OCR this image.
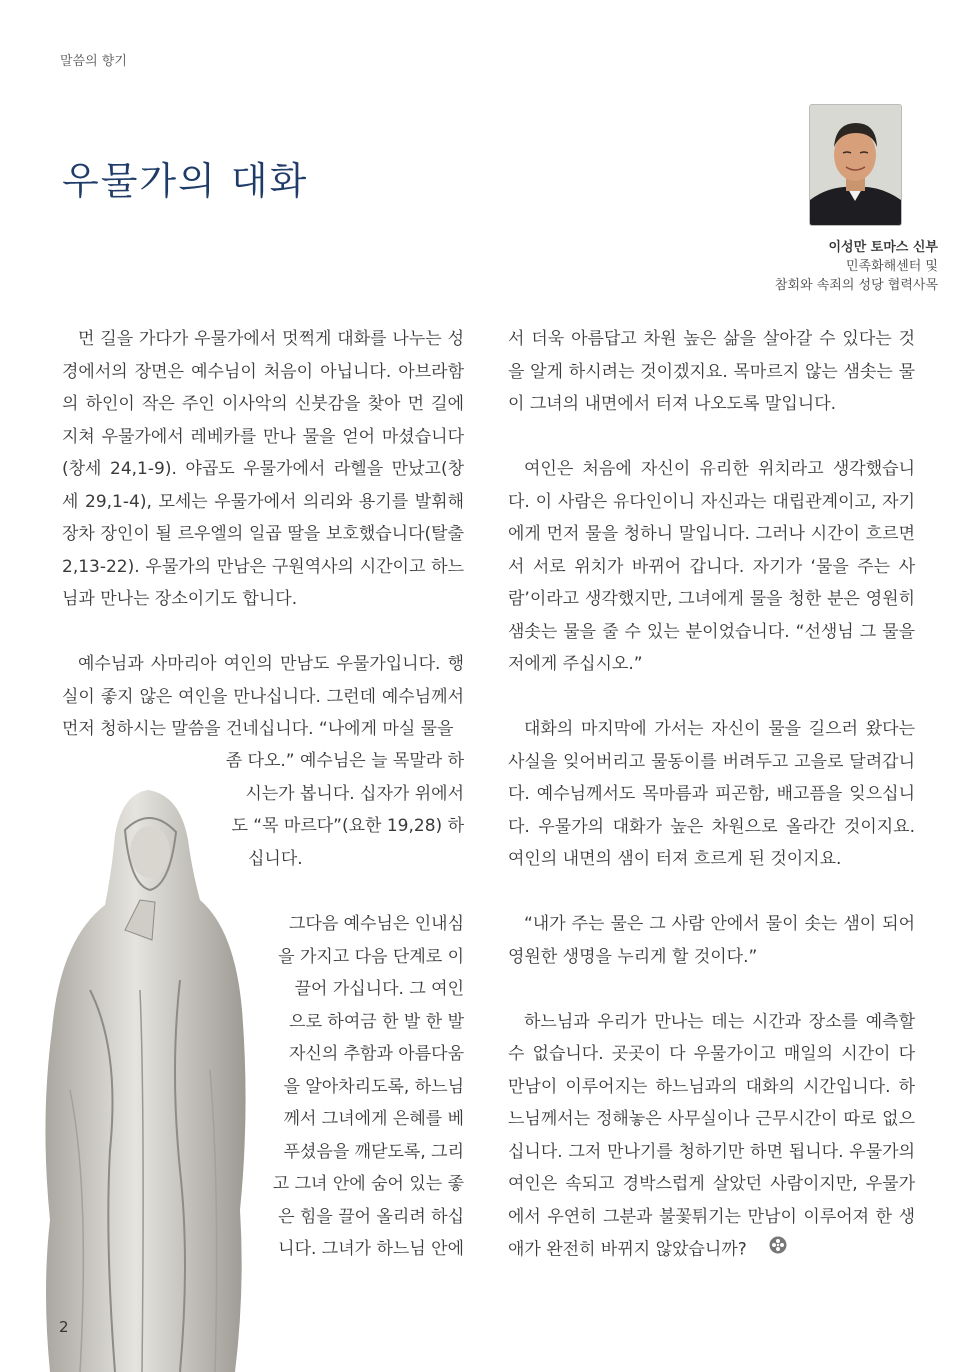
말씀의 향기
우물가의 대화
이성만 토마스 신부
민족화해센터 및
참회와 속죄의 성당 협력사목

먼 길을 가다가 우물가에서 멋쩍게 대화를 나누는 성경에서의 장면은 예수님이 처음이 아닙니다. 아브라함의 하인이 작은 주인 이사악의 신붓감을 찾아 먼 길에 지쳐 우물가에서 레베카를 만나 물을 얻어 마셨습니다(창세 24,1-9). 야곱도 우물가에서 라헬을 만났고(창세 29,1-4), 모세는 우물가에서 의리와 용기를 발휘해 장차 장인이 될 르우엘의 일곱 딸을 보호했습니다(탈출 2,13-22). 우물가의 만남은 구원역사의 시간이고 하느님과 만나는 장소이기도 합니다.

예수님과 사마리아 여인의 만남도 우물가입니다. 행실이 좋지 않은 여인을 만나십니다. 그런데 예수님께서 먼저 청하시는 말씀을 건네십니다. “나에게 마실 물을

좀 다오.” 예수님은 늘 목말라 하
시는가 봅니다. 십자가 위에서
도 “목 마르다”(요한 19,28) 하
십니다.
그다음 예수님은 인내심
을 가지고 다음 단계로 이
끌어 가십니다. 그 여인
으로 하여금 한 발 한 발
자신의 추함과 아름다움
을 알아차리도록, 하느님
께서 그녀에게 은혜를 베
푸셨음을 깨닫도록, 그리
고 그녀 안에 숨어 있는 좋
은 힘을 끌어 올리려 하십
니다. 그녀가 하느님 안에

서 더욱 아름답고 차원 높은 삶을 살아갈 수 있다는 것을 알게 하시려는 것이겠지요. 목마르지 않는 샘솟는 물이 그녀의 내면에서 터져 나오도록 말입니다.

여인은 처음에 자신이 유리한 위치라고 생각했습니다. 이 사람은 유다인이니 자신과는 대립관계이고, 자기에게 먼저 물을 청하니 말입니다. 그러나 시간이 흐르면서 서로 위치가 바뀌어 갑니다. 자기가 ‘물을 주는 사람’이라고 생각했지만, 그녀에게 물을 청한 분은 영원히 샘솟는 물을 줄 수 있는 분이었습니다. “선생님 그 물을 저에게 주십시오.”

대화의 마지막에 가서는 자신이 물을 길으러 왔다는 사실을 잊어버리고 물동이를 버려두고 고을로 달려갑니다. 예수님께서도 목마름과 피곤함, 배고픔을 잊으십니다. 우물가의 대화가 높은 차원으로 올라간 것이지요. 여인의 내면의 샘이 터져 흐르게 된 것이지요.

“내가 주는 물은 그 사람 안에서 물이 솟는 샘이 되어 영원한 생명을 누리게 할 것이다.”

하느님과 우리가 만나는 데는 시간과 장소를 예측할 수 없습니다. 곳곳이 다 우물가이고 매일의 시간이 다 만남이 이루어지는 하느님과의 대화의 시간입니다. 하느님께서는 정해놓은 사무실이나 근무시간이 따로 없으십니다. 그저 만나기를 청하기만 하면 됩니다. 우물가의 여인은 속되고 경박스럽게 살았던 사람이지만, 우물가에서 우연히 그분과 불꽃튀기는 만남이 이루어져 한 생애가 완전히 바뀌지 않았습니까?

2
